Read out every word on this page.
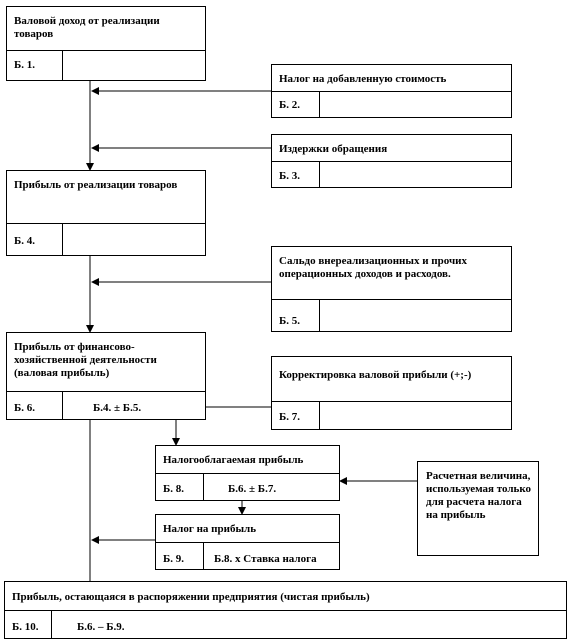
Валовой доход от реализации товаров
Б. 1.
Налог на добавленную стоимость
Б. 2.
Издержки обращения
Б. 3.
Прибыль от реализации товаров
Б. 4.
Сальдо внереализационных и прочих операционных доходов и расходов.
Б. 5.
Прибыль от финансово-хозяйственной деятельности (валовая прибыль)
Б. 6.	Б.4. ± Б.5.
Корректировка валовой прибыли (+;-)
Б. 7.
Налогооблагаемая прибыль
Б. 8.	Б.6. ± Б.7.
Расчетная величина, используемая только для расчета налога на прибыль
Налог на прибыль
Б. 9.	Б.8. х Ставка налога
Прибыль, остающаяся в распоряжении предприятия (чистая прибыль)
Б. 10.	Б.6. – Б.9.
